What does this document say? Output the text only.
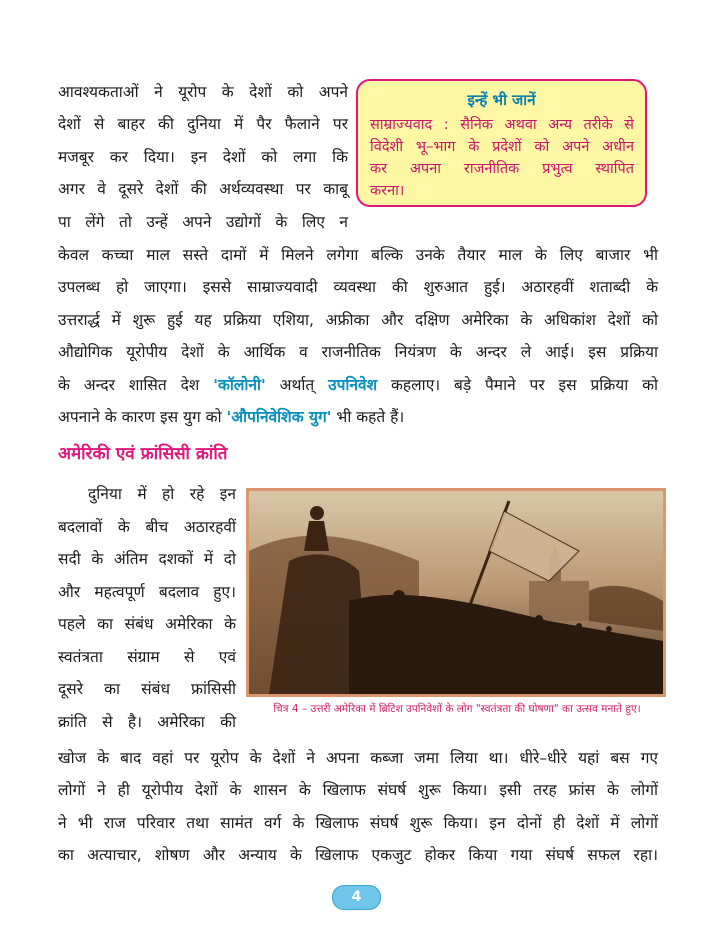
आवश्यकताओं ने यूरोप के देशों को अपने
देशों से बाहर की दुनिया में पैर फैलाने पर
मजबूर कर दिया। इन देशों को लगा कि
अगर वे दूसरे देशों की अर्थव्यवस्था पर काबू
पा लेंगे तो उन्हें अपने उद्योगों के लिए न
इन्हें भी जानें
साम्राज्यवाद : सैनिक अथवा अन्य तरीके से
विदेशी भू–भाग के प्रदेशों को अपने अधीन
कर अपना राजनीतिक प्रभुत्व स्थापित
करना।
केवल कच्चा माल सस्ते दामों में मिलने लगेगा बल्कि उनके तैयार माल के लिए बाजार भी
उपलब्ध हो जाएगा। इससे साम्राज्यवादी व्यवस्था की शुरुआत हुई। अठारहवीं शताब्दी के
उत्तरार्द्ध में शुरू हुई यह प्रक्रिया एशिया, अफ्रीका और दक्षिण अमेरिका के अधिकांश देशों को
औद्योगिक यूरोपीय देशों के आर्थिक व राजनीतिक नियंत्रण के अन्दर ले आई। इस प्रक्रिया
के अन्दर शासित देश 'कॉलोनी' अर्थात् उपनिवेश कहलाए। बड़े पैमाने पर इस प्रक्रिया को
अपनाने के कारण इस युग को 'औपनिवेशिक युग' भी कहते हैं।
अमेरिकी एवं फ्रांसिसी क्रांति
दुनिया में हो रहे इन
बदलावों के बीच अठारहवीं
सदी के अंतिम दशकों में दो
और महत्वपूर्ण बदलाव हुए।
पहले का संबंध अमेरिका के
स्वतंत्रता संग्राम से एवं
दूसरे का संबंध फ्रांसिसी
क्रांति से है। अमेरिका की
चित्र 4 – उत्तरी अमेरिका में ब्रिटिश उपनिवेशों के लोग "स्वतंत्रता की घोषणा" का उत्सव मनाते हुए।
खोज के बाद वहां पर यूरोप के देशों ने अपना कब्जा जमा लिया था। धीरे–धीरे यहां बस गए
लोगों ने ही यूरोपीय देशों के शासन के खिलाफ संघर्ष शुरू किया। इसी तरह फ्रांस के लोगों
ने भी राज परिवार तथा सामंत वर्ग के खिलाफ संघर्ष शुरू किया। इन दोनों ही देशों में लोगों
का अत्याचार, शोषण और अन्याय के खिलाफ एकजुट होकर किया गया संघर्ष सफल रहा।
4
